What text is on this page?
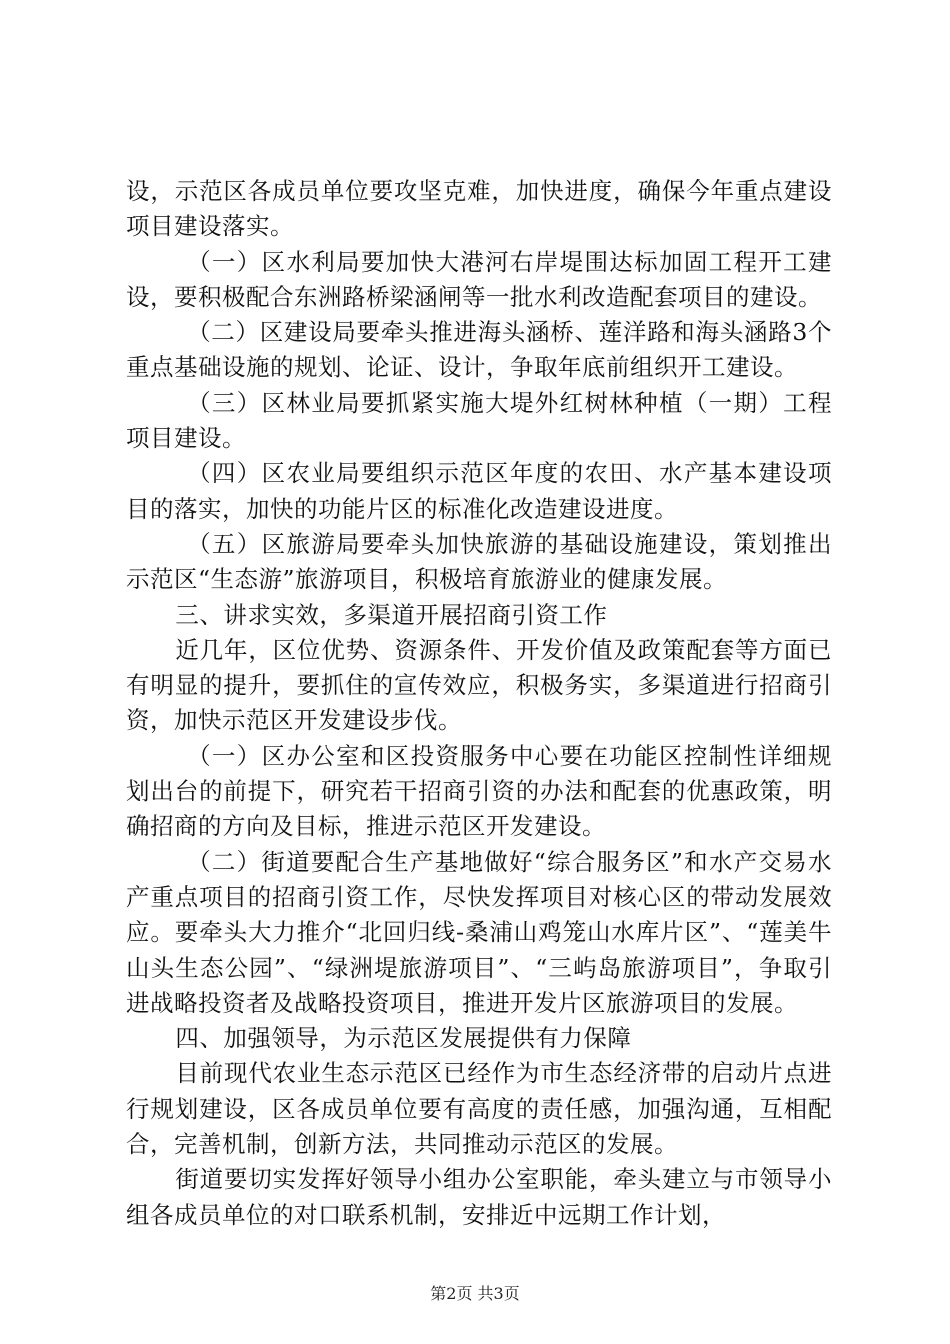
设，示范区各成员单位要攻坚克难，加快进度，确保今年重点建设项目建设落实。

（一）区水利局要加快大港河右岸堤围达标加固工程开工建设，要积极配合东洲路桥梁涵闸等一批水利改造配套项目的建设。

（二）区建设局要牵头推进海头涵桥、莲洋路和海头涵路3个重点基础设施的规划、论证、设计，争取年底前组织开工建设。

（三）区林业局要抓紧实施大堤外红树林种植（一期）工程项目建设。

（四）区农业局要组织示范区年度的农田、水产基本建设项目的落实，加快的功能片区的标准化改造建设进度。

（五）区旅游局要牵头加快旅游的基础设施建设，策划推出示范区“生态游”旅游项目，积极培育旅游业的健康发展。

三、讲求实效，多渠道开展招商引资工作

近几年，区位优势、资源条件、开发价值及政策配套等方面已有明显的提升，要抓住的宣传效应，积极务实，多渠道进行招商引资，加快示范区开发建设步伐。

（一）区办公室和区投资服务中心要在功能区控制性详细规划出台的前提下，研究若干招商引资的办法和配套的优惠政策，明确招商的方向及目标，推进示范区开发建设。

（二）街道要配合生产基地做好“综合服务区”和水产交易水产重点项目的招商引资工作，尽快发挥项目对核心区的带动发展效应。要牵头大力推介“北回归线-桑浦山鸡笼山水库片区”、“莲美牛山头生态公园”、“绿洲堤旅游项目”、“三屿岛旅游项目”，争取引进战略投资者及战略投资项目，推进开发片区旅游项目的发展。

四、加强领导，为示范区发展提供有力保障

目前现代农业生态示范区已经作为市生态经济带的启动片点进行规划建设，区各成员单位要有高度的责任感，加强沟通，互相配合，完善机制，创新方法，共同推动示范区的发展。

街道要切实发挥好领导小组办公室职能，牵头建立与市领导小组各成员单位的对口联系机制，安排近中远期工作计划，

第2页 共3页
